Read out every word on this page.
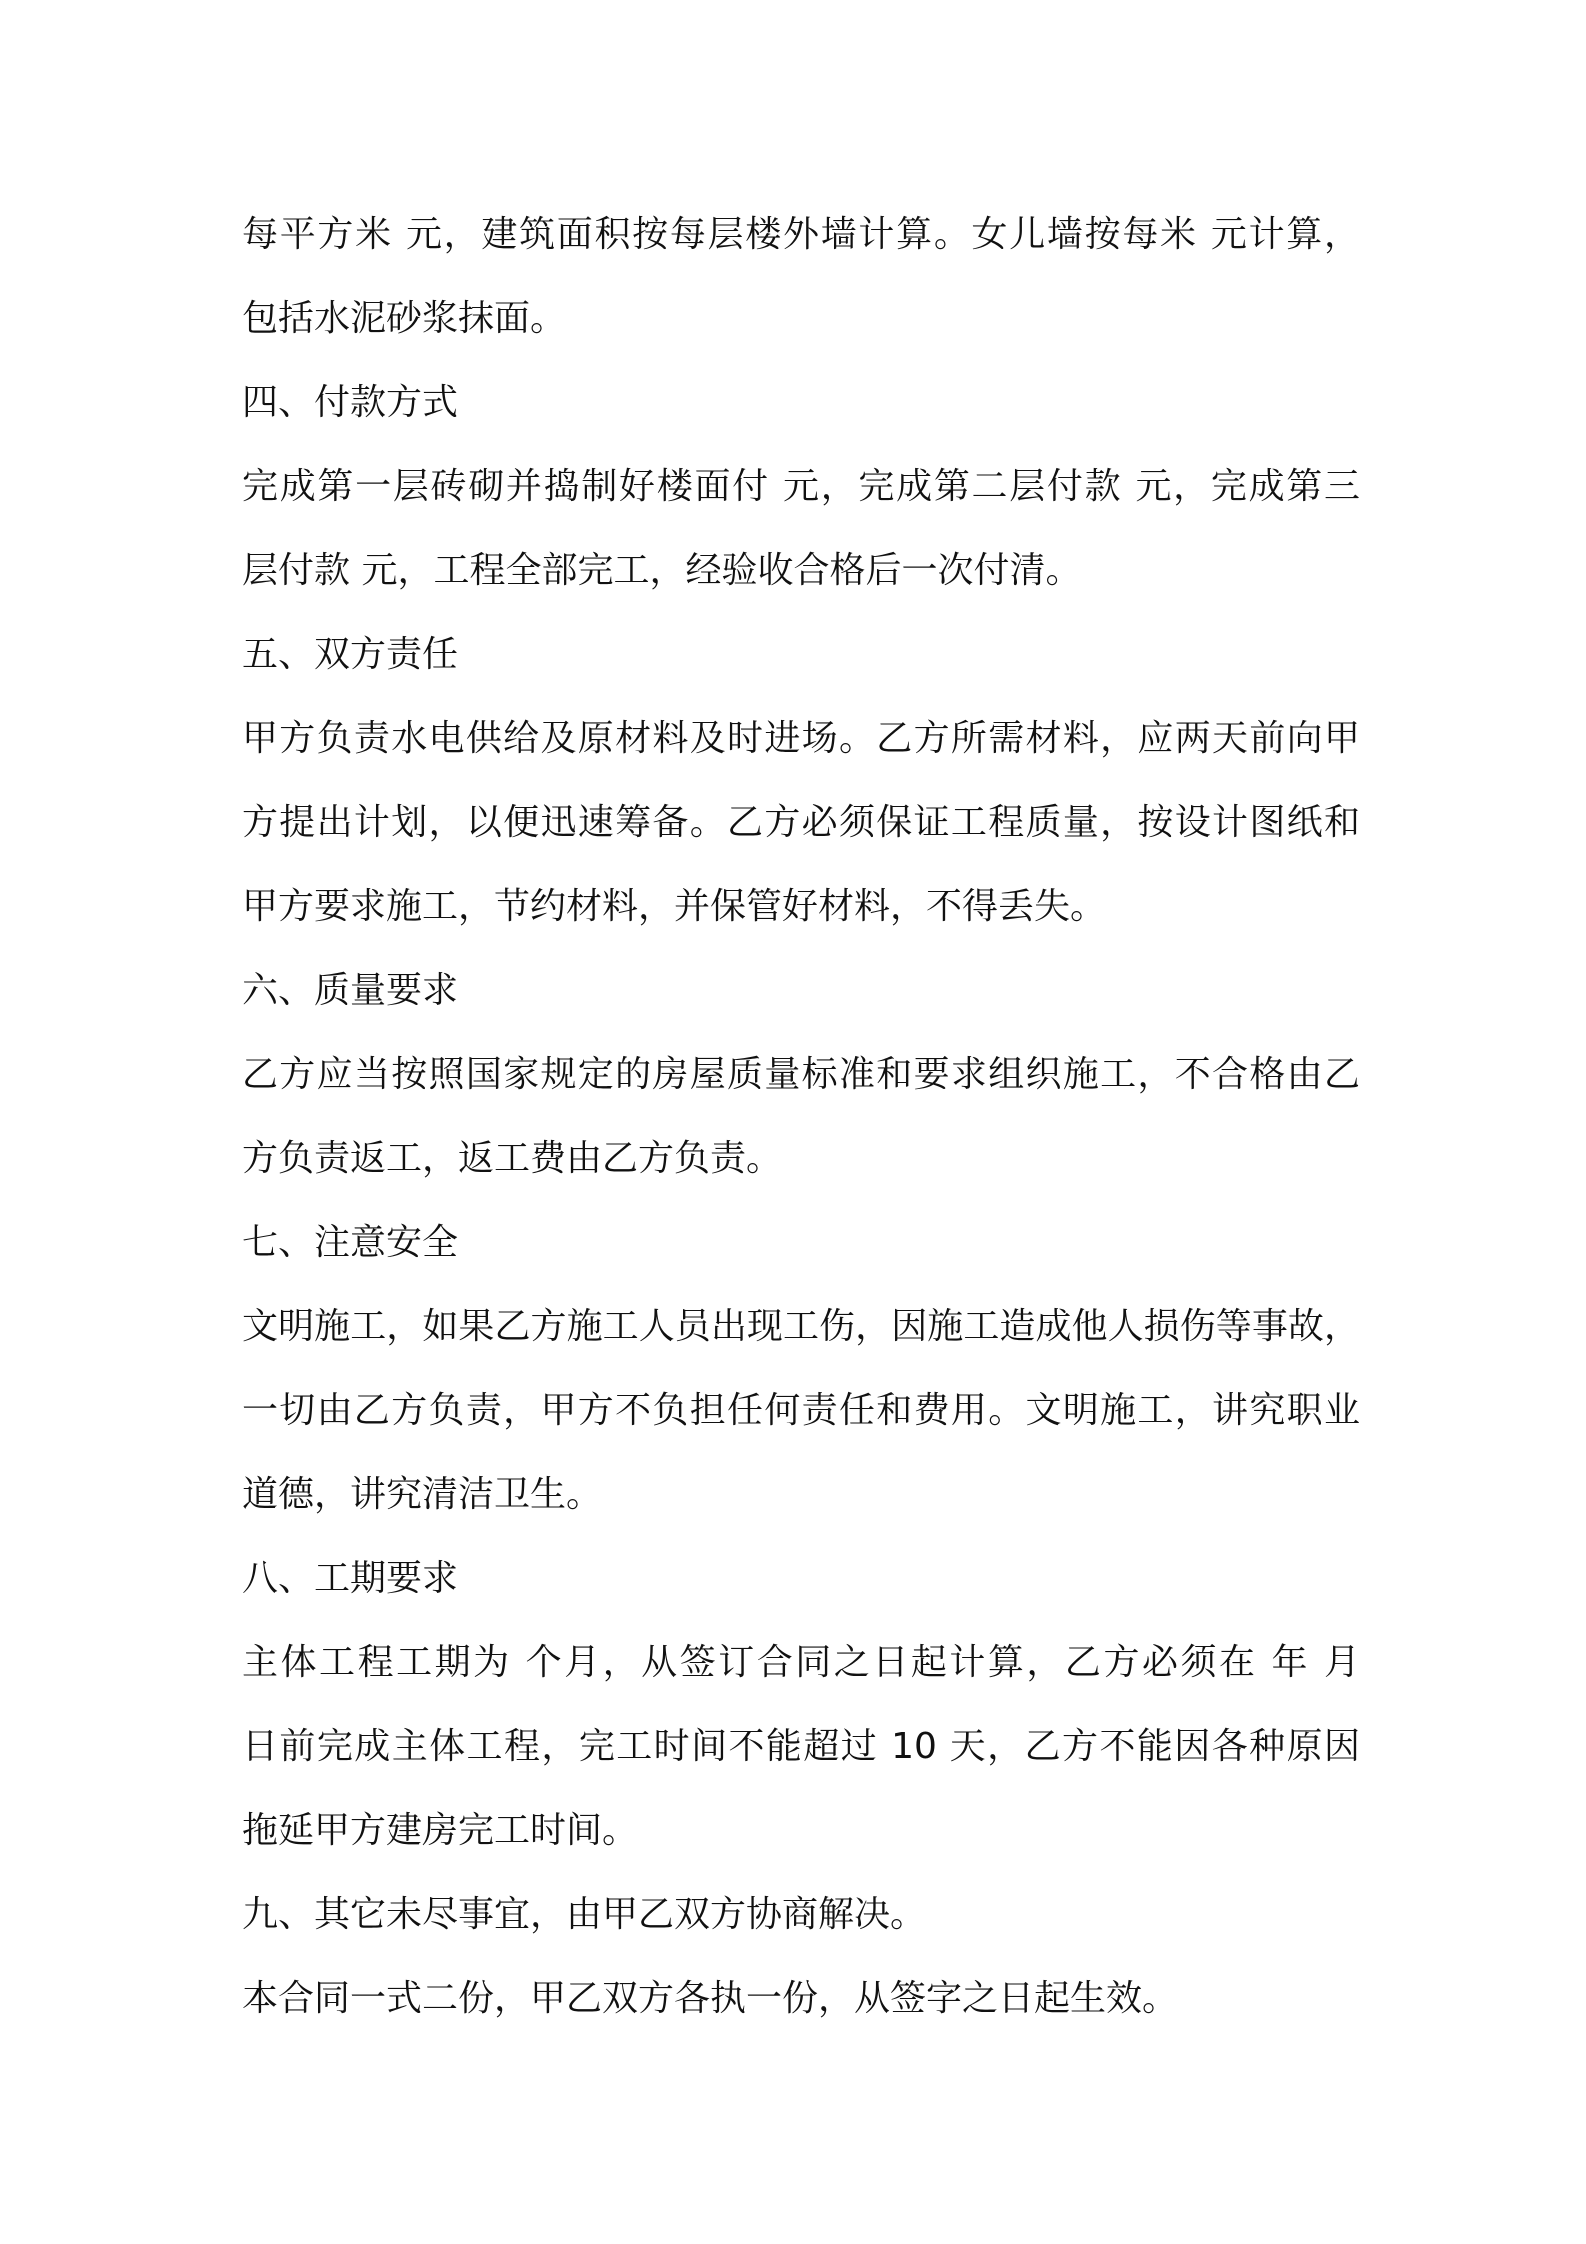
每平方米 元，建筑面积按每层楼外墙计算。女儿墙按每米 元计算，
包括水泥砂浆抹面。
四、付款方式
完成第一层砖砌并捣制好楼面付 元，完成第二层付款 元，完成第三
层付款 元，工程全部完工，经验收合格后一次付清。
五、双方责任
甲方负责水电供给及原材料及时进场。乙方所需材料，应两天前向甲
方提出计划，以便迅速筹备。乙方必须保证工程质量，按设计图纸和
甲方要求施工，节约材料，并保管好材料，不得丢失。
六、质量要求
乙方应当按照国家规定的房屋质量标准和要求组织施工，不合格由乙
方负责返工，返工费由乙方负责。
七、注意安全
文明施工，如果乙方施工人员出现工伤，因施工造成他人损伤等事故，
一切由乙方负责，甲方不负担任何责任和费用。文明施工，讲究职业
道德，讲究清洁卫生。
八、工期要求
主体工程工期为 个月，从签订合同之日起计算，乙方必须在 年 月
日前完成主体工程，完工时间不能超过 10 天，乙方不能因各种原因
拖延甲方建房完工时间。
九、其它未尽事宜，由甲乙双方协商解决。
本合同一式二份，甲乙双方各执一份，从签字之日起生效。
